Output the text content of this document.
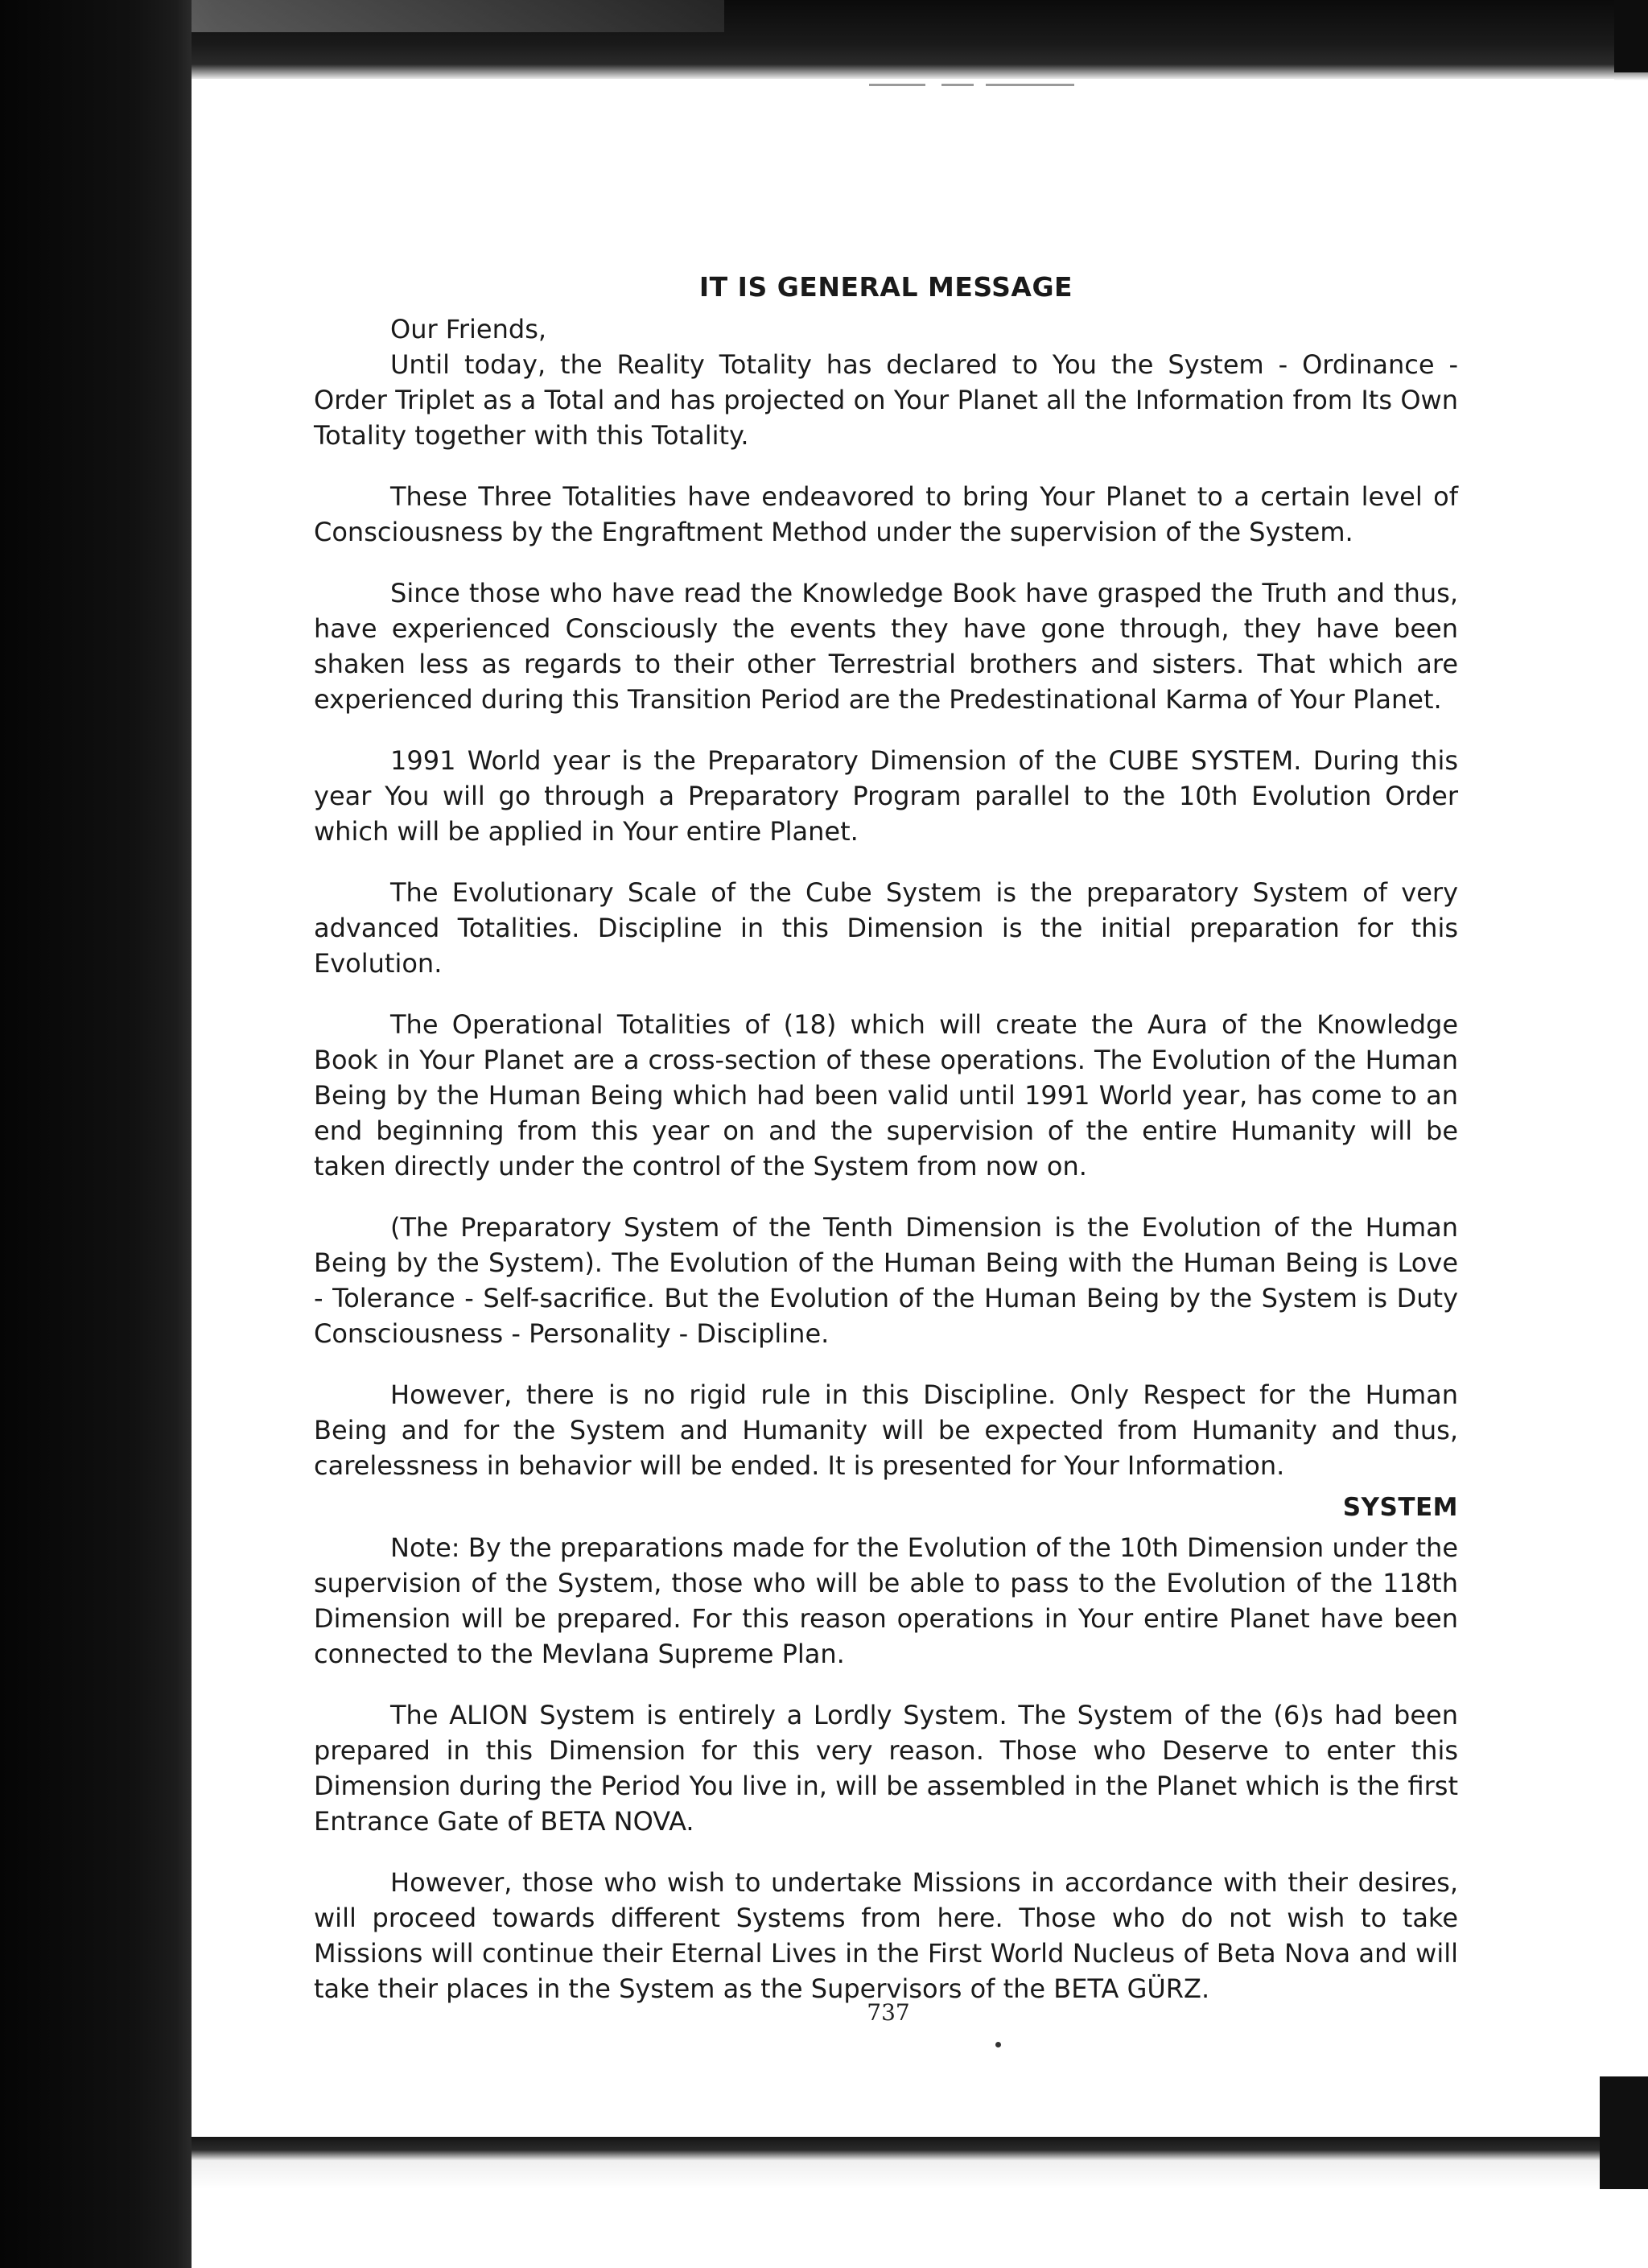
IT IS GENERAL MESSAGE
Our Friends,

Until today, the Reality Totality has declared to You the System - Ordinance - Order Triplet as a Total and has projected on Your Planet all the Information from Its Own Totality together with this Totality.

These Three Totalities have endeavored to bring Your Planet to a certain level of Consciousness by the Engraftment Method under the supervision of the System.

Since those who have read the Knowledge Book have grasped the Truth and thus, have experienced Consciously the events they have gone through, they have been shaken less as regards to their other Terrestrial brothers and sisters. That which are experienced during this Transition Period are the Predestinational Karma of Your Planet.

1991 World year is the Preparatory Dimension of the CUBE SYSTEM. During this year You will go through a Preparatory Program parallel to the 10th Evolution Order which will be applied in Your entire Planet.

The Evolutionary Scale of the Cube System is the preparatory System of very advanced Totalities. Discipline in this Dimension is the initial preparation for this Evolution.

The Operational Totalities of (18) which will create the Aura of the Knowledge Book in Your Planet are a cross-section of these operations. The Evolution of the Human Being by the Human Being which had been valid until 1991 World year, has come to an end beginning from this year on and the supervision of the entire Humanity will be taken directly under the control of the System from now on.

(The Preparatory System of the Tenth Dimension is the Evolution of the Human Being by the System). The Evolution of the Human Being with the Human Being is Love - Tolerance - Self-sacrifice. But the Evolution of the Human Being by the System is Duty Consciousness - Personality - Discipline.

However, there is no rigid rule in this Discipline. Only Respect for the Human Being and for the System and Humanity will be expected from Humanity and thus, carelessness in behavior will be ended. It is presented for Your Information.

SYSTEM

Note: By the preparations made for the Evolution of the 10th Dimension under the supervision of the System, those who will be able to pass to the Evolution of the 118th Dimension will be prepared. For this reason operations in Your entire Planet have been connected to the Mevlana Supreme Plan.

The ALION System is entirely a Lordly System. The System of the (6)s had been prepared in this Dimension for this very reason. Those who Deserve to enter this Dimension during the Period You live in, will be assembled in the Planet which is the first Entrance Gate of BETA NOVA.

However, those who wish to undertake Missions in accordance with their desires, will proceed towards different Systems from here. Those who do not wish to take Missions will continue their Eternal Lives in the First World Nucleus of Beta Nova and will take their places in the System as the Supervisors of the BETA GÜRZ.

737
